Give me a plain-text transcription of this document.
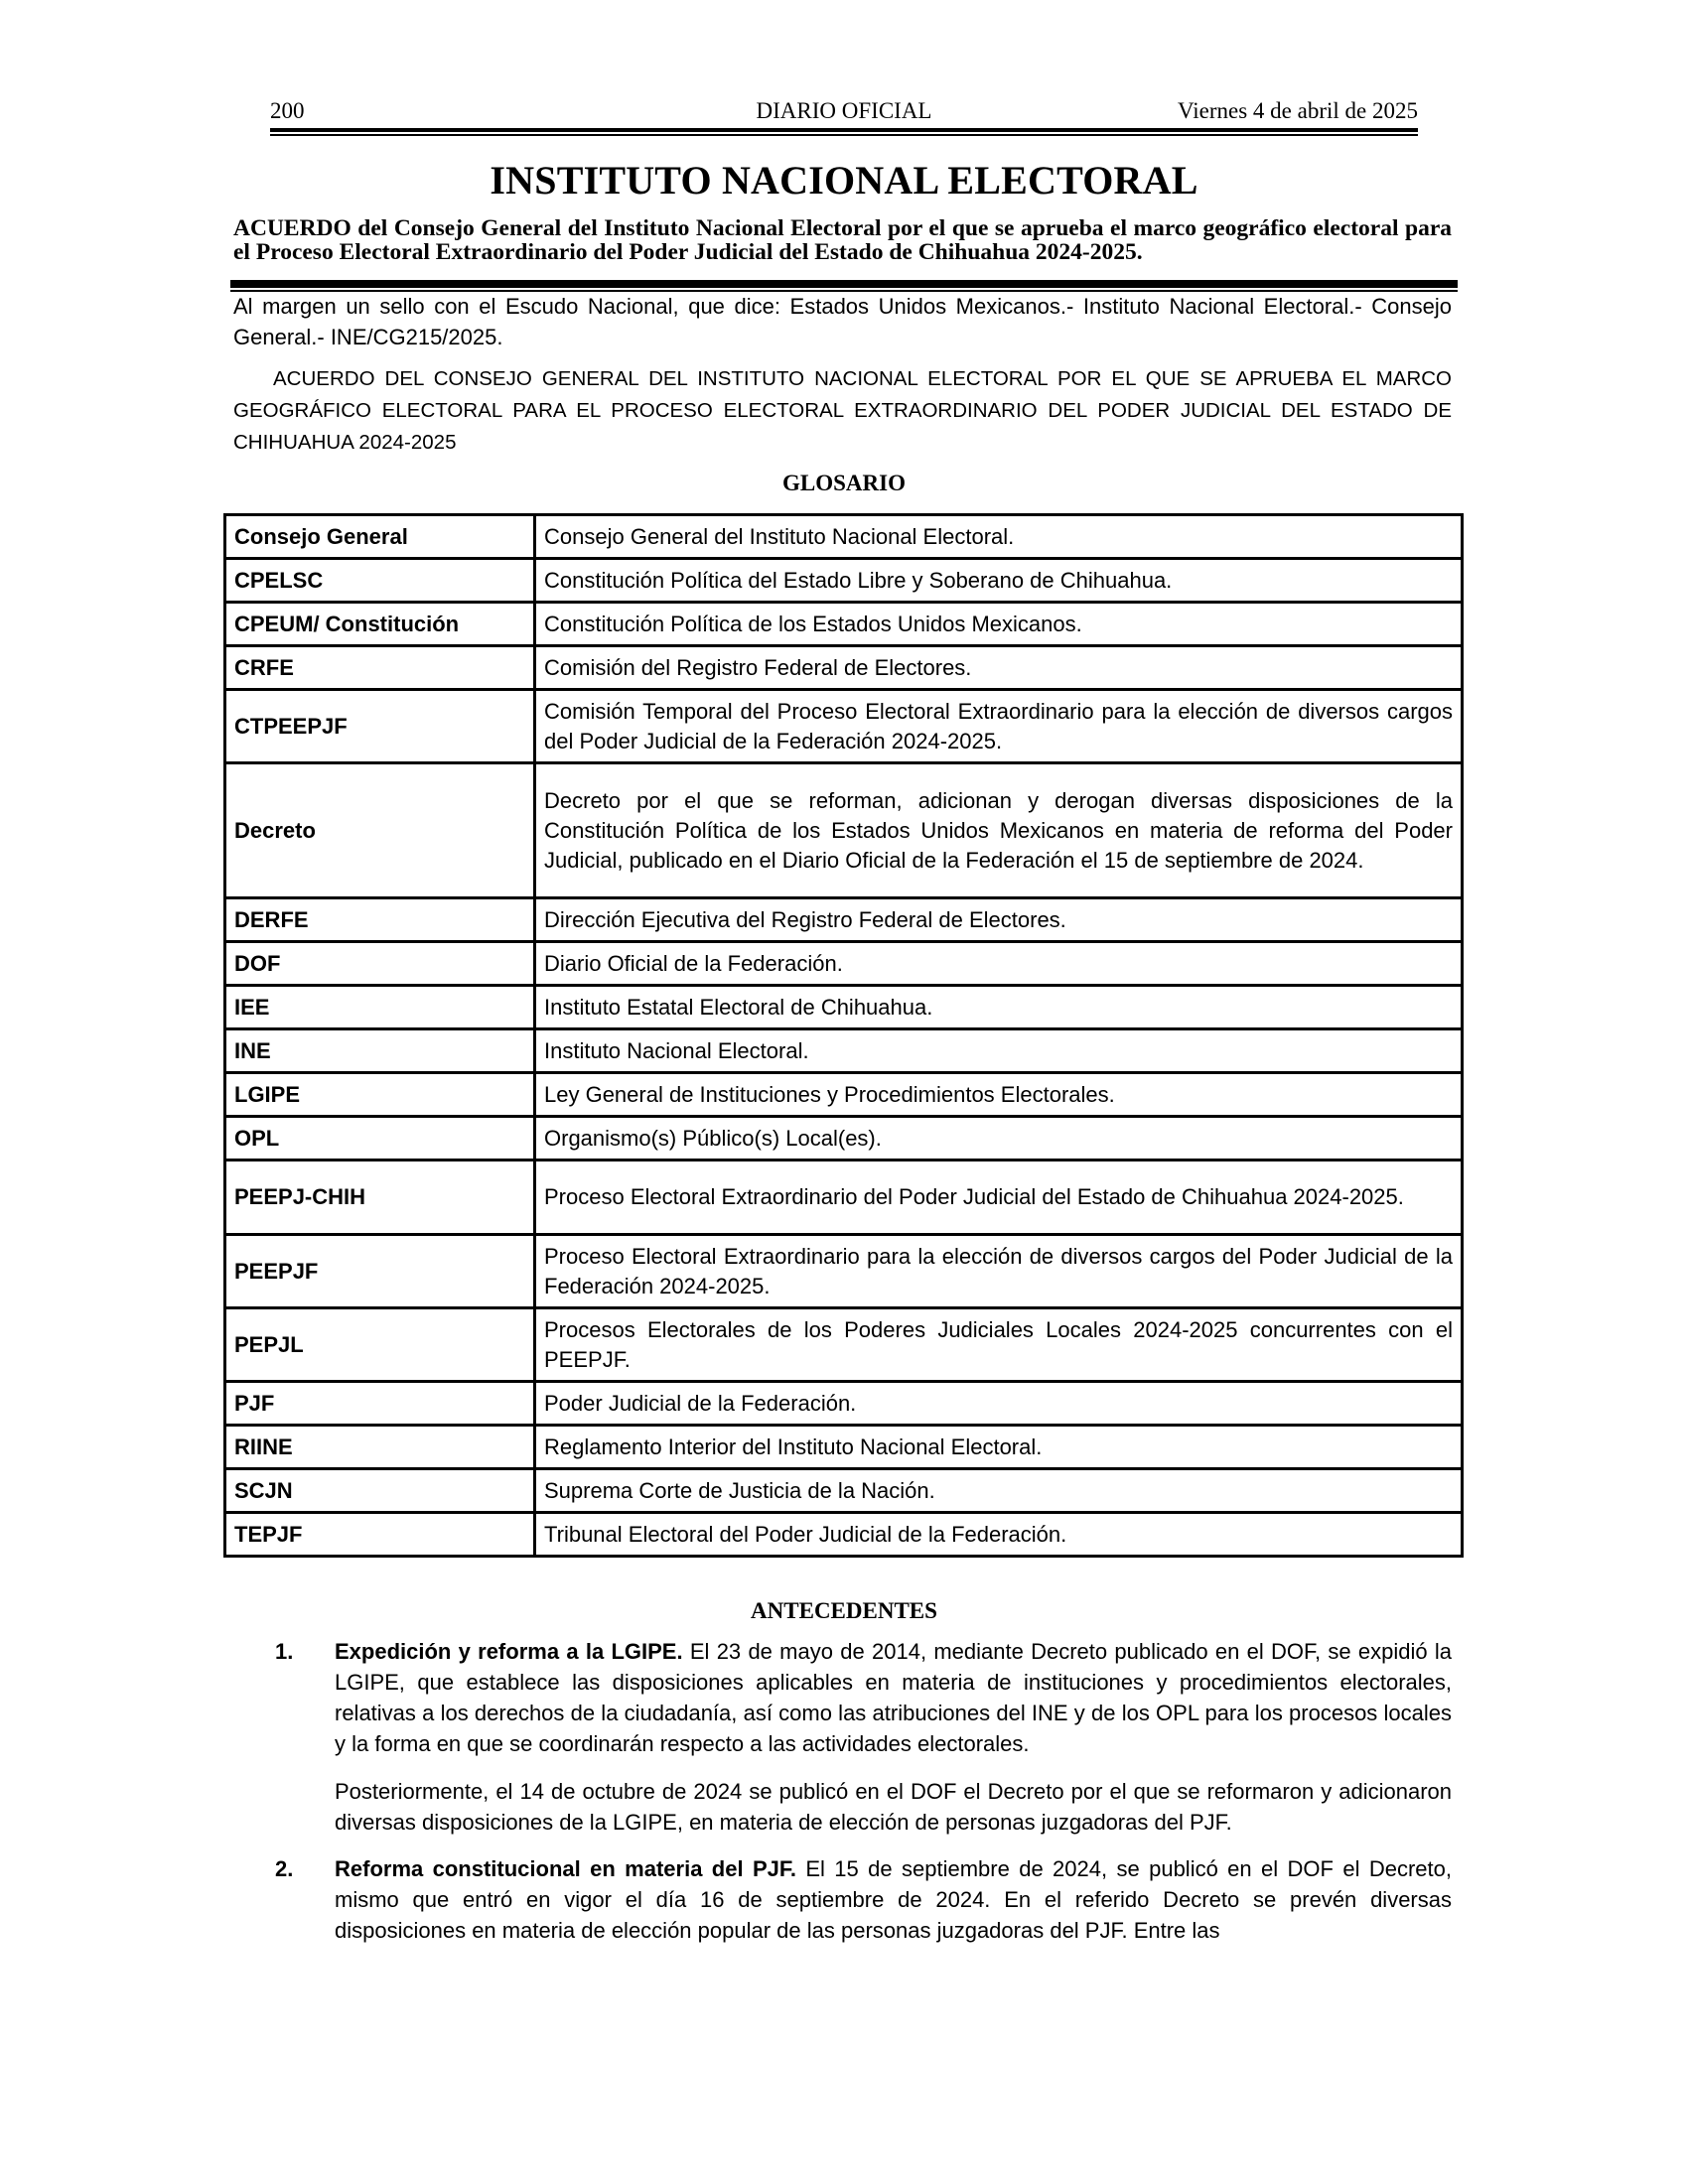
200	DIARIO OFICIAL	Viernes 4 de abril de 2025
INSTITUTO NACIONAL ELECTORAL
ACUERDO del Consejo General del Instituto Nacional Electoral por el que se aprueba el marco geográfico electoral para el Proceso Electoral Extraordinario del Poder Judicial del Estado de Chihuahua 2024-2025.
Al margen un sello con el Escudo Nacional, que dice: Estados Unidos Mexicanos.- Instituto Nacional Electoral.- Consejo General.- INE/CG215/2025.
ACUERDO DEL CONSEJO GENERAL DEL INSTITUTO NACIONAL ELECTORAL POR EL QUE SE APRUEBA EL MARCO GEOGRÁFICO ELECTORAL PARA EL PROCESO ELECTORAL EXTRAORDINARIO DEL PODER JUDICIAL DEL ESTADO DE CHIHUAHUA 2024-2025
GLOSARIO
Consejo General	Consejo General del Instituto Nacional Electoral.
CPELSC	Constitución Política del Estado Libre y Soberano de Chihuahua.
CPEUM/ Constitución	Constitución Política de los Estados Unidos Mexicanos.
CRFE	Comisión del Registro Federal de Electores.
CTPEEPJF	Comisión Temporal del Proceso Electoral Extraordinario para la elección de diversos cargos del Poder Judicial de la Federación 2024-2025.
Decreto	Decreto por el que se reforman, adicionan y derogan diversas disposiciones de la Constitución Política de los Estados Unidos Mexicanos en materia de reforma del Poder Judicial, publicado en el Diario Oficial de la Federación el 15 de septiembre de 2024.
DERFE	Dirección Ejecutiva del Registro Federal de Electores.
DOF	Diario Oficial de la Federación.
IEE	Instituto Estatal Electoral de Chihuahua.
INE	Instituto Nacional Electoral.
LGIPE	Ley General de Instituciones y Procedimientos Electorales.
OPL	Organismo(s) Público(s) Local(es).
PEEPJ-CHIH	Proceso Electoral Extraordinario del Poder Judicial del Estado de Chihuahua 2024-2025.
PEEPJF	Proceso Electoral Extraordinario para la elección de diversos cargos del Poder Judicial de la Federación 2024-2025.
PEPJL	Procesos Electorales de los Poderes Judiciales Locales 2024-2025 concurrentes con el PEEPJF.
PJF	Poder Judicial de la Federación.
RIINE	Reglamento Interior del Instituto Nacional Electoral.
SCJN	Suprema Corte de Justicia de la Nación.
TEPJF	Tribunal Electoral del Poder Judicial de la Federación.
ANTECEDENTES
1. Expedición y reforma a la LGIPE. El 23 de mayo de 2014, mediante Decreto publicado en el DOF, se expidió la LGIPE, que establece las disposiciones aplicables en materia de instituciones y procedimientos electorales, relativas a los derechos de la ciudadanía, así como las atribuciones del INE y de los OPL para los procesos locales y la forma en que se coordinarán respecto a las actividades electorales.

Posteriormente, el 14 de octubre de 2024 se publicó en el DOF el Decreto por el que se reformaron y adicionaron diversas disposiciones de la LGIPE, en materia de elección de personas juzgadoras del PJF.

2. Reforma constitucional en materia del PJF. El 15 de septiembre de 2024, se publicó en el DOF el Decreto, mismo que entró en vigor el día 16 de septiembre de 2024. En el referido Decreto se prevén diversas disposiciones en materia de elección popular de las personas juzgadoras del PJF. Entre las
